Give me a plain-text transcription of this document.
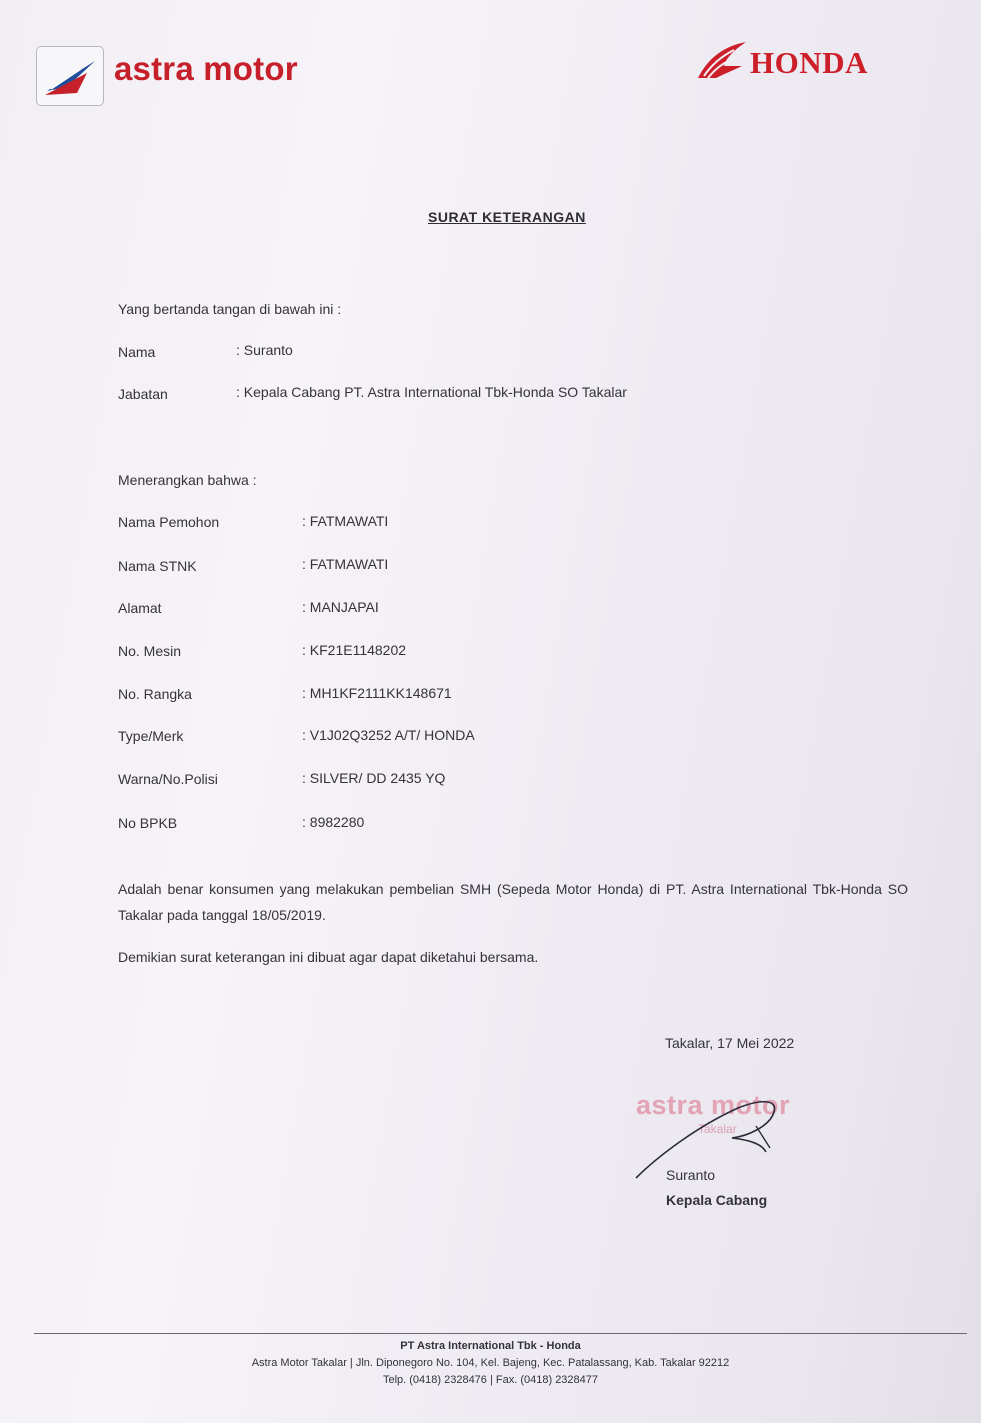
astra motor	HONDA
SURAT KETERANGAN
Yang bertanda tangan di bawah ini :
Nama	: Suranto
Jabatan	: Kepala Cabang PT. Astra International Tbk-Honda SO Takalar
Menerangkan bahwa :
Nama Pemohon	: FATMAWATI
Nama STNK	: FATMAWATI
Alamat	: MANJAPAI
No. Mesin	: KF21E1148202
No. Rangka	: MH1KF2111KK148671
Type/Merk	: V1J02Q3252 A/T/ HONDA
Warna/No.Polisi	: SILVER/ DD 2435 YQ
No BPKB	: 8982280
Adalah benar konsumen yang melakukan pembelian SMH (Sepeda Motor Honda) di PT. Astra International Tbk-Honda SO Takalar pada tanggal 18/05/2019.
Demikian surat keterangan ini dibuat agar dapat diketahui bersama.
Takalar, 17 Mei 2022
astra motor
Takalar
Suranto
Kepala Cabang
PT Astra International Tbk - Honda
Astra Motor Takalar | Jln. Diponegoro No. 104, Kel. Bajeng, Kec. Patalassang, Kab. Takalar 92212
Telp. (0418) 2328476 | Fax. (0418) 2328477
